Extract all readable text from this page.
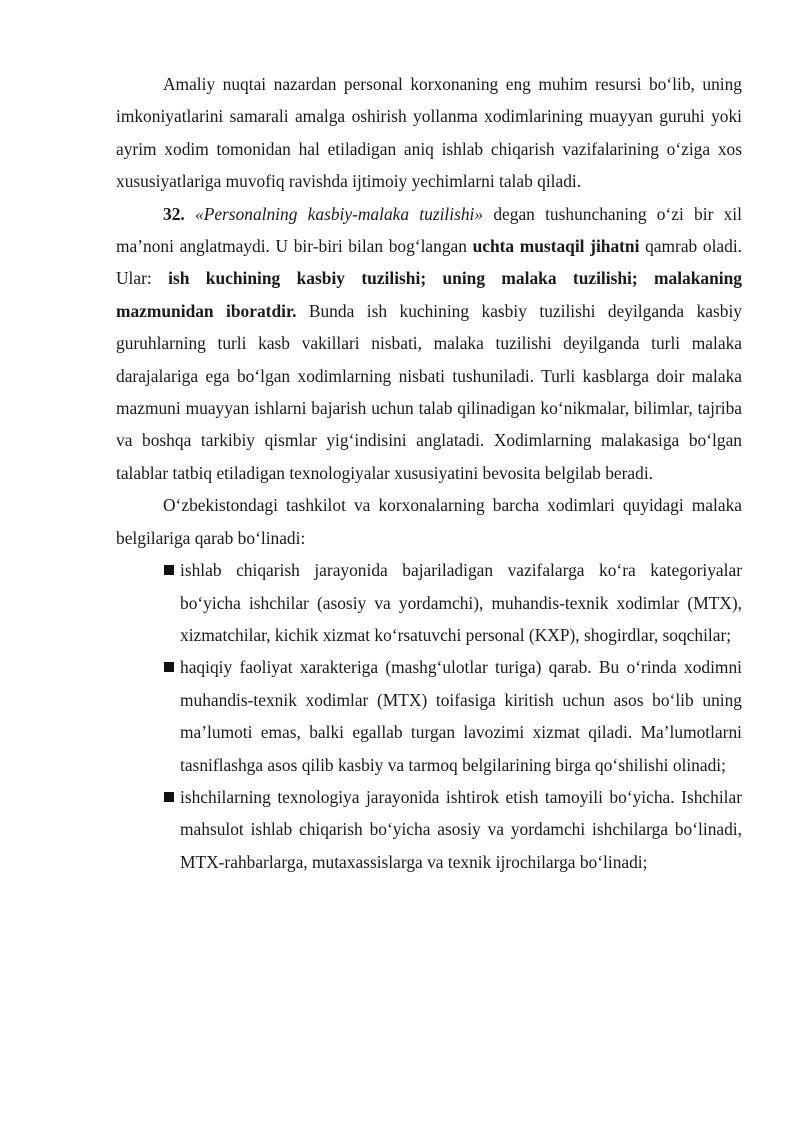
Amaliy nuqtai nazardan personal korxonaning eng muhim resursi bo‘lib, uning imkoniyatlarini samarali amalga oshirish yollanma xodimlarining muayyan guruhi yoki ayrim xodim tomonidan hal etiladigan aniq ishlab chiqarish vazifalarining o‘ziga xos xususiyatlariga muvofiq ravishda ijtimoiy yechimlarni talab qiladi.

32. «Personalning kasbiy-malaka tuzilishi» degan tushunchaning o‘zi bir xil ma’noni anglatmaydi. U bir-biri bilan bog‘langan uchta mustaqil jihatni qamrab oladi. Ular: ish kuchining kasbiy tuzilishi; uning malaka tuzilishi; malakaning mazmunidan iboratdir. Bunda ish kuchining kasbiy tuzilishi deyilganda kasbiy guruhlarning turli kasb vakillari nisbati, malaka tuzilishi deyilganda turli malaka darajalariga ega bo‘lgan xodimlarning nisbati tushuniladi. Turli kasblarga doir malaka mazmuni muayyan ishlarni bajarish uchun talab qilinadigan ko‘nikmalar, bilimlar, tajriba va boshqa tarkibiy qismlar yig‘indisini anglatadi. Xodimlarning malakasiga bo‘lgan talablar tatbiq etiladigan texnologiyalar xususiyatini bevosita belgilab beradi.

O‘zbekistondagi tashkilot va korxonalarning barcha xodimlari quyidagi malaka belgilariga qarab bo‘linadi:

ishlab chiqarish jarayonida bajariladigan vazifalarga ko‘ra kategoriyalar bo‘yicha ishchilar (asosiy va yordamchi), muhandis-texnik xodimlar (MTX), xizmatchilar, kichik xizmat ko‘rsatuvchi personal (KXP), shogirdlar, soqchilar;
haqiqiy faoliyat xarakteriga (mashg‘ulotlar turiga) qarab. Bu o‘rinda xodimni muhandis-texnik xodimlar (MTX) toifasiga kiritish uchun asos bo‘lib uning ma’lumoti emas, balki egallab turgan lavozimi xizmat qiladi. Ma’lumotlarni tasniflashga asos qilib kasbiy va tarmoq belgilarining birga qo‘shilishi olinadi;
ishchilarning texnologiya jarayonida ishtirok etish tamoyili bo‘yicha. Ishchilar mahsulot ishlab chiqarish bo‘yicha asosiy va yordamchi ishchilarga bo‘linadi, MTX-rahbarlarga, mutaxassislarga va texnik ijrochilarga bo‘linadi;
